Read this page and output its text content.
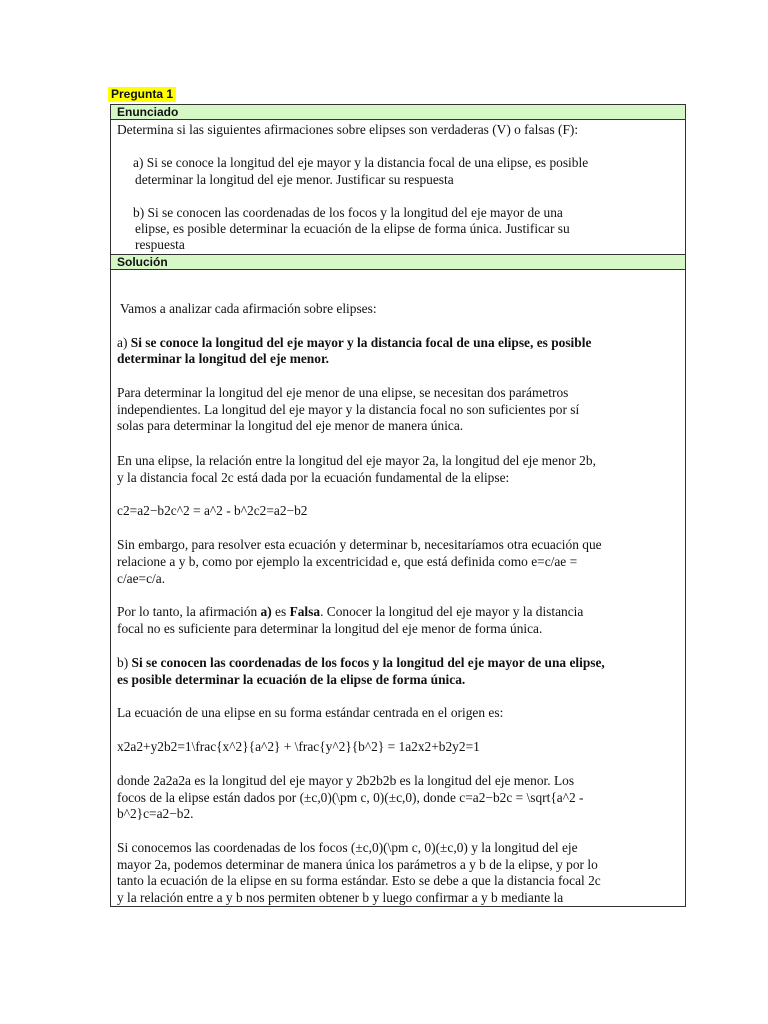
Pregunta 1
Enunciado
Determina si las siguientes afirmaciones sobre elipses son verdaderas (V) o falsas (F):
a) Si se conoce la longitud del eje mayor y la distancia focal de una elipse, es posible
determinar la longitud del eje menor. Justificar su respuesta
b) Si se conocen las coordenadas de los focos y la longitud del eje mayor de una
elipse, es posible determinar la ecuación de la elipse de forma única. Justificar su
respuesta
Solución
Vamos a analizar cada afirmación sobre elipses:
a) Si se conoce la longitud del eje mayor y la distancia focal de una elipse, es posible
determinar la longitud del eje menor.
Para determinar la longitud del eje menor de una elipse, se necesitan dos parámetros
independientes. La longitud del eje mayor y la distancia focal no son suficientes por sí
solas para determinar la longitud del eje menor de manera única.
En una elipse, la relación entre la longitud del eje mayor 2a, la longitud del eje menor 2b,
y la distancia focal 2c está dada por la ecuación fundamental de la elipse:
c2=a2−b2c^2 = a^2 - b^2c2=a2−b2
Sin embargo, para resolver esta ecuación y determinar b, necesitaríamos otra ecuación que
relacione a y b, como por ejemplo la excentricidad e, que está definida como e=c/ae =
c/ae=c/a.
Por lo tanto, la afirmación a) es Falsa. Conocer la longitud del eje mayor y la distancia
focal no es suficiente para determinar la longitud del eje menor de forma única.
b) Si se conocen las coordenadas de los focos y la longitud del eje mayor de una elipse,
es posible determinar la ecuación de la elipse de forma única.
La ecuación de una elipse en su forma estándar centrada en el origen es:
x2a2+y2b2=1\frac{x^2}{a^2} + \frac{y^2}{b^2} = 1a2x2+b2y2=1
donde 2a2a2a es la longitud del eje mayor y 2b2b2b es la longitud del eje menor. Los
focos de la elipse están dados por (±c,0)(\pm c, 0)(±c,0), donde c=a2−b2c = \sqrt{a^2 -
b^2}c=a2−b2.
Si conocemos las coordenadas de los focos (±c,0)(\pm c, 0)(±c,0) y la longitud del eje
mayor 2a, podemos determinar de manera única los parámetros a y b de la elipse, y por lo
tanto la ecuación de la elipse en su forma estándar. Esto se debe a que la distancia focal 2c
y la relación entre a y b nos permiten obtener b y luego confirmar a y b mediante la
